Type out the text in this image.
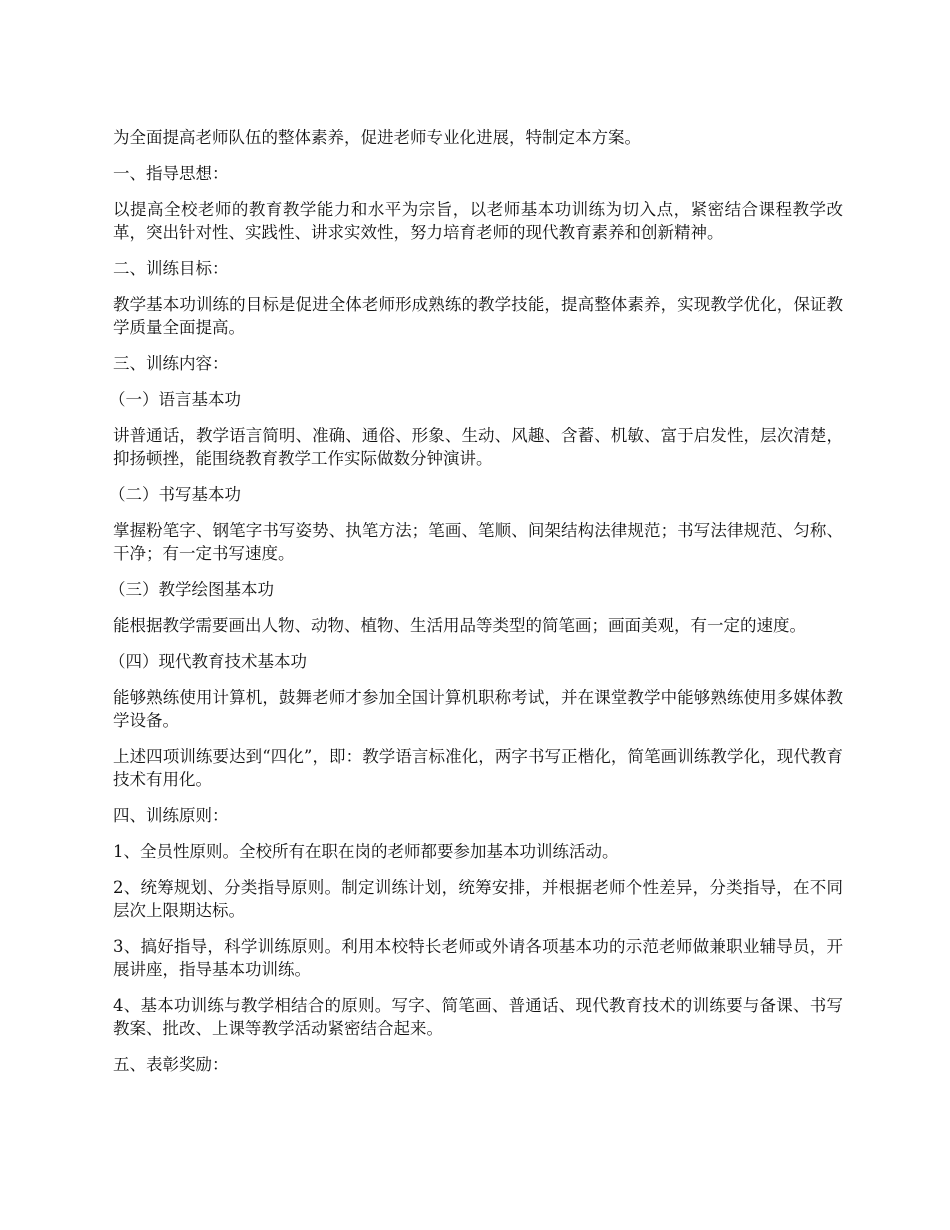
为全面提高老师队伍的整体素养，促进老师专业化进展，特制定本方案。

一、指导思想：

以提高全校老师的教育教学能力和水平为宗旨，以老师基本功训练为切入点，紧密结合课程教学改革，突出针对性、实践性、讲求实效性，努力培育老师的现代教育素养和创新精神。

二、训练目标：

教学基本功训练的目标是促进全体老师形成熟练的教学技能，提高整体素养，实现教学优化，保证教学质量全面提高。

三、训练内容：

（一）语言基本功

讲普通话，教学语言简明、准确、通俗、形象、生动、风趣、含蓄、机敏、富于启发性，层次清楚，抑扬顿挫，能围绕教育教学工作实际做数分钟演讲。

（二）书写基本功

掌握粉笔字、钢笔字书写姿势、执笔方法；笔画、笔顺、间架结构法律规范；书写法律规范、匀称、干净；有一定书写速度。

（三）教学绘图基本功

能根据教学需要画出人物、动物、植物、生活用品等类型的简笔画；画面美观，有一定的速度。

（四）现代教育技术基本功

能够熟练使用计算机，鼓舞老师才参加全国计算机职称考试，并在课堂教学中能够熟练使用多媒体教学设备。

上述四项训练要达到“四化”，即：教学语言标准化，两字书写正楷化，简笔画训练教学化，现代教育技术有用化。

四、训练原则：

1、全员性原则。全校所有在职在岗的老师都要参加基本功训练活动。

2、统筹规划、分类指导原则。制定训练计划，统筹安排，并根据老师个性差异，分类指导，在不同层次上限期达标。

3、搞好指导，科学训练原则。利用本校特长老师或外请各项基本功的示范老师做兼职业辅导员，开展讲座，指导基本功训练。

4、基本功训练与教学相结合的原则。写字、简笔画、普通话、现代教育技术的训练要与备课、书写教案、批改、上课等教学活动紧密结合起来。

五、表彰奖励：
